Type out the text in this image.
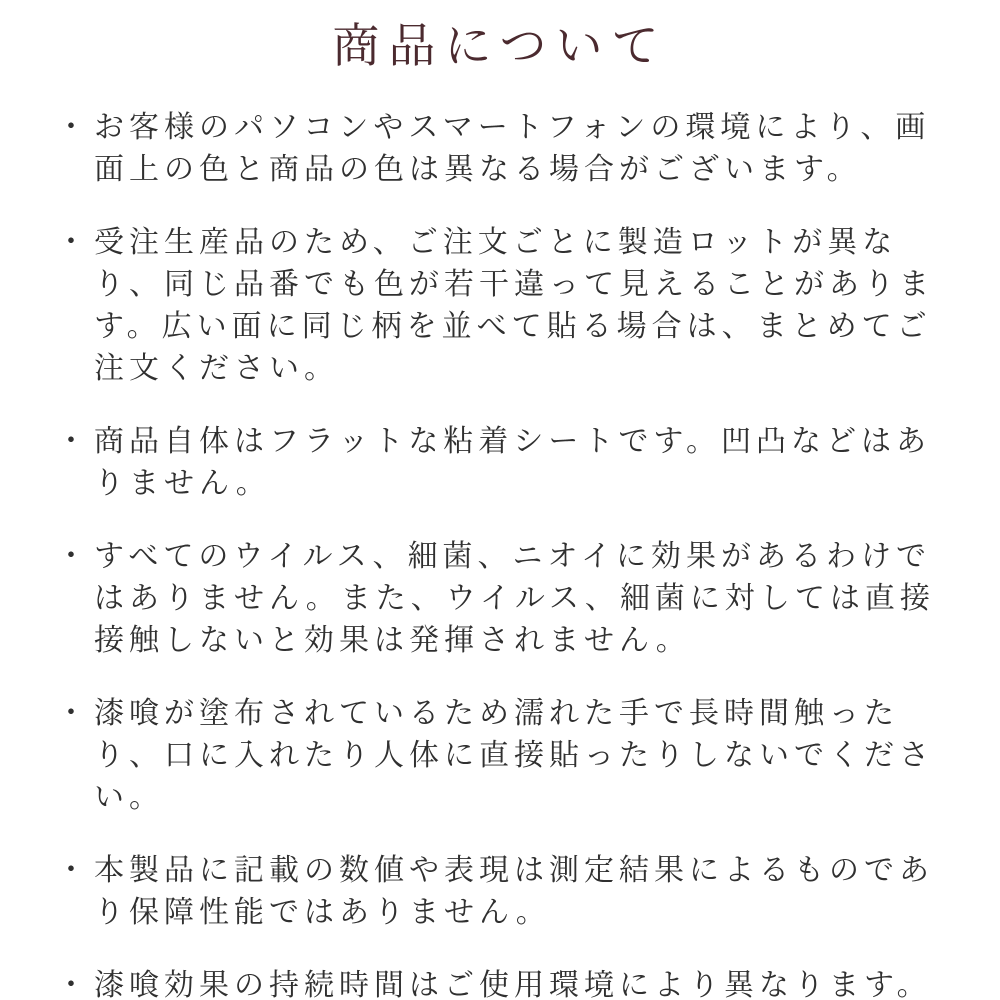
商品について
・ お客様のパソコンやスマートフォンの環境により、画面上の色と商品の色は異なる場合がございます。
・ 受注生産品のため、ご注文ごとに製造ロットが異なり、同じ品番でも色が若干違って見えることがあります。広い面に同じ柄を並べて貼る場合は、まとめてご注文ください。
・ 商品自体はフラットな粘着シートです。凹凸などはありません。
・ すべてのウイルス、細菌、ニオイに効果があるわけではありません。また、ウイルス、細菌に対しては直接接触しないと効果は発揮されません。
・ 漆喰が塗布されているため濡れた手で長時間触ったり、口に入れたり人体に直接貼ったりしないでください。
・ 本製品に記載の数値や表現は測定結果によるものであり保障性能ではありません。
・ 漆喰効果の持続時間はご使用環境により異なります。
